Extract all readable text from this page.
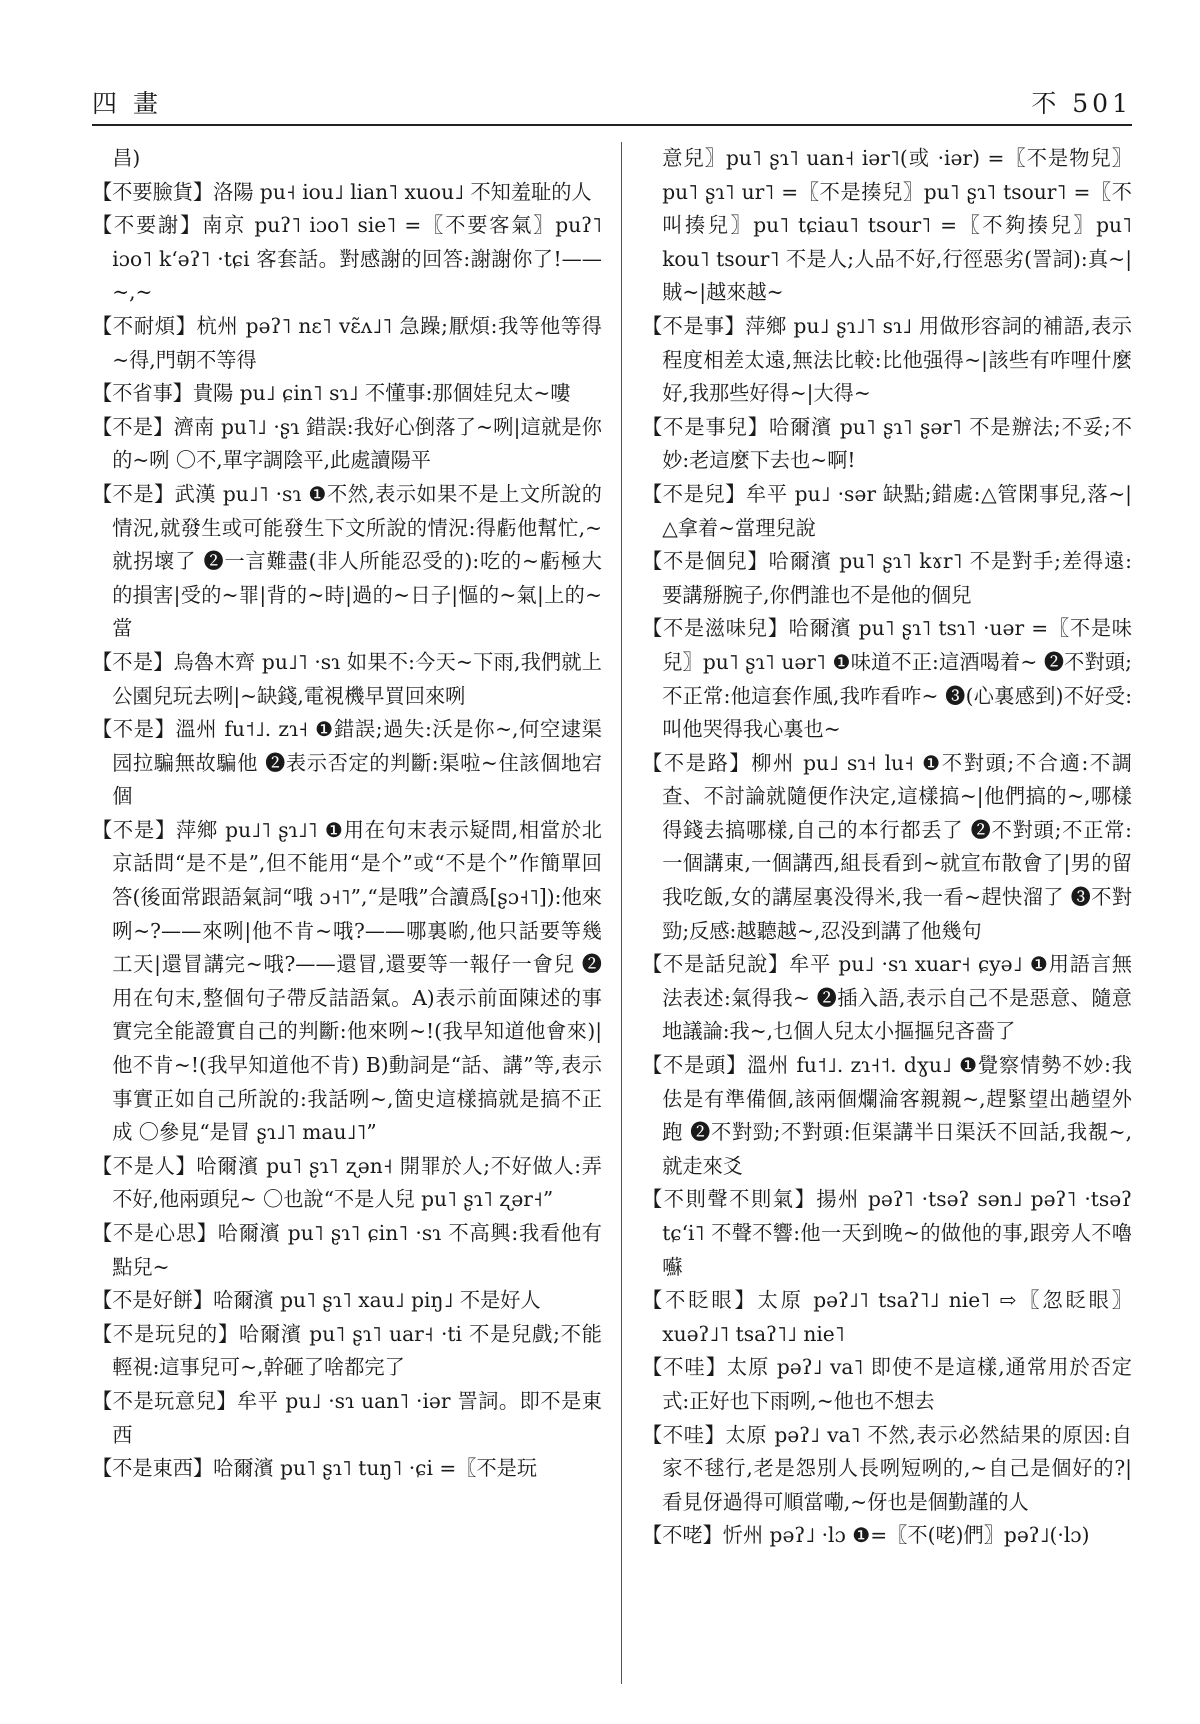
四 畫	不 501

昌)

【不要臉貨】洛陽 pu˧ iou˩ lian˥ xuou˩ 不知羞耻的人

【不要謝】南京 puʔ˥ iɔo˥ sie˥ =〖不要客氣〗puʔ˥ iɔo˥ kʻəʔ˥ ·tɕi 客套話。對感謝的回答:謝謝你了!——~,~

【不耐煩】杭州 pəʔ˥ nɛ˥ vɛ̃ʌ˩˥ 急躁;厭煩:我等他等得~得,門朝不等得

【不省事】貴陽 pu˩ ɕin˥ sɿ˩ 不懂事:那個娃兒太~嘍

【不是】濟南 pu˥˩ ·ʂɿ 錯誤:我好心倒落了~咧|這就是你的~咧 〇不,單字調陰平,此處讀陽平

【不是】武漢 pu˩˥ ·sɿ ❶不然,表示如果不是上文所說的情況,就發生或可能發生下文所說的情況:得虧他幫忙,~就拐壞了 ❷一言難盡(非人所能忍受的):吃的~虧極大的損害|受的~罪|背的~時|過的~日子|慪的~氣|上的~當

【不是】烏魯木齊 pu˩˥ ·sɿ 如果不:今天~下雨,我們就上公園兒玩去咧|~缺錢,電視機早買回來咧

【不是】溫州 fu˦˩. zɿ˧ ❶錯誤;過失:沃是你~,何空逮渠园拉騙無故騙他 ❷表示否定的判斷:渠啦~住該個地宕個

【不是】萍鄉 pu˩˥ ʂɿ˩˥ ❶用在句末表示疑問,相當於北京話問“是不是”,但不能用“是个”或“不是个”作簡單回答(後面常跟語氣詞“哦 ɔ˧˥”,“是哦”合讀爲[ʂɔ˧˥]):他來咧~?——來咧|他不肯~哦?——哪裏喲,他只話要等幾工天|還冒講完~哦?——還冒,還要等一報仔一會兒 ❷用在句末,整個句子帶反詰語氣。A)表示前面陳述的事實完全能證實自己的判斷:他來咧~!(我早知道他會來)|他不肯~!(我早知道他不肯) B)動詞是“話、講”等,表示事實正如自己所說的:我話咧~,箇史這樣搞就是搞不正成 〇參見“是冒 ʂɿ˩˥ mau˩˥”

【不是人】哈爾濱 pu˥ ʂɿ˥ ʐən˧ 開罪於人;不好做人:弄不好,他兩頭兒~ 〇也說“不是人兒 pu˥ ʂɿ˥ ʐər˧”

【不是心思】哈爾濱 pu˥ ʂɿ˥ ɕin˥ ·sɿ 不高興:我看他有點兒~

【不是好餅】哈爾濱 pu˥ ʂɿ˥ xau˩ piŋ˩ 不是好人

【不是玩兒的】哈爾濱 pu˥ ʂɿ˥ uar˧ ·ti 不是兒戲;不能輕視:這事兒可~,幹砸了啥都完了

【不是玩意兒】牟平 pu˩ ·sɿ uan˥ ·iər 詈詞。即不是東西

【不是東西】哈爾濱 pu˥ ʂɿ˥ tuŋ˥ ·ɕi =〖不是玩

意兒〗pu˥ ʂɿ˥ uan˧ iər˥(或 ·iər) =〖不是物兒〗pu˥ ʂɿ˥ ur˥ =〖不是揍兒〗pu˥ ʂɿ˥ tsour˥ =〖不叫揍兒〗pu˥ tɕiau˥ tsour˥ =〖不夠揍兒〗pu˥ kou˥ tsour˥ 不是人;人品不好,行徑惡劣(詈詞):真~|賊~|越來越~

【不是事】萍鄉 pu˩ ʂɿ˩˥ sɿ˩ 用做形容詞的補語,表示程度相差太遠,無法比較:比他强得~|該些有咋哩什麼好,我那些好得~|大得~

【不是事兒】哈爾濱 pu˥ ʂɿ˥ ʂər˥ 不是辦法;不妥;不妙:老這麼下去也~啊!

【不是兒】牟平 pu˩ ·sər 缺點;錯處:△管閑事兒,落~|△拿着~當理兒說

【不是個兒】哈爾濱 pu˥ ʂɿ˥ kɤr˥ 不是對手;差得遠:要講掰腕子,你們誰也不是他的個兒

【不是滋味兒】哈爾濱 pu˥ ʂɿ˥ tsɿ˥ ·uər =〖不是味兒〗pu˥ ʂɿ˥ uər˥ ❶味道不正:這酒喝着~ ❷不對頭;不正常:他這套作風,我咋看咋~ ❸(心裏感到)不好受:叫他哭得我心裏也~

【不是路】柳州 pu˩ sɿ˧ lu˧ ❶不對頭;不合適:不調查、不討論就隨便作決定,這樣搞~|他們搞的~,哪樣得錢去搞哪樣,自己的本行都丢了 ❷不對頭;不正常:一個講東,一個講西,組長看到~就宣布散會了|男的留我吃飯,女的講屋裏没得米,我一看~趕快溜了 ❸不對勁;反感:越聽越~,忍没到講了他幾句

【不是話兒說】牟平 pu˩ ·sɿ xuar˧ ɕyə˩ ❶用語言無法表述:氣得我~ ❷插入語,表示自己不是惡意、隨意地議論:我~,乜個人兒太小摳摳兒吝嗇了

【不是頭】溫州 fu˦˩. zɿ˧˦. dɣu˩ ❶覺察情勢不妙:我佉是有準備個,該兩個爛淪客親親~,趕緊望出趟望外跑 ❷不對勁;不對頭:佢渠講半日渠沃不回話,我覩~,就走來爻

【不則聲不則氣】揚州 pəʔ˥ ·tsəʔ sən˩ pəʔ˥ ·tsəʔ tɕʻi˥ 不聲不響:他一天到晚~的做他的事,跟旁人不嚕囌

【不眨眼】太原 pəʔ˩˥ tsaʔ˥˩ nie˥ ⇨〖忽眨眼〗xuəʔ˩˥ tsaʔ˥˩ nie˥

【不哇】太原 pəʔ˩ va˥ 即使不是這樣,通常用於否定式:正好也下雨咧,~他也不想去

【不哇】太原 pəʔ˩ va˥ 不然,表示必然結果的原因:自家不毬行,老是怨別人長咧短咧的,~自己是個好的?|看見伢過得可順當嘞,~伢也是個勤謹的人

【不咾】忻州 pəʔ˩ ·lɔ ❶=〖不(咾)們〗pəʔ˩(·lɔ)
